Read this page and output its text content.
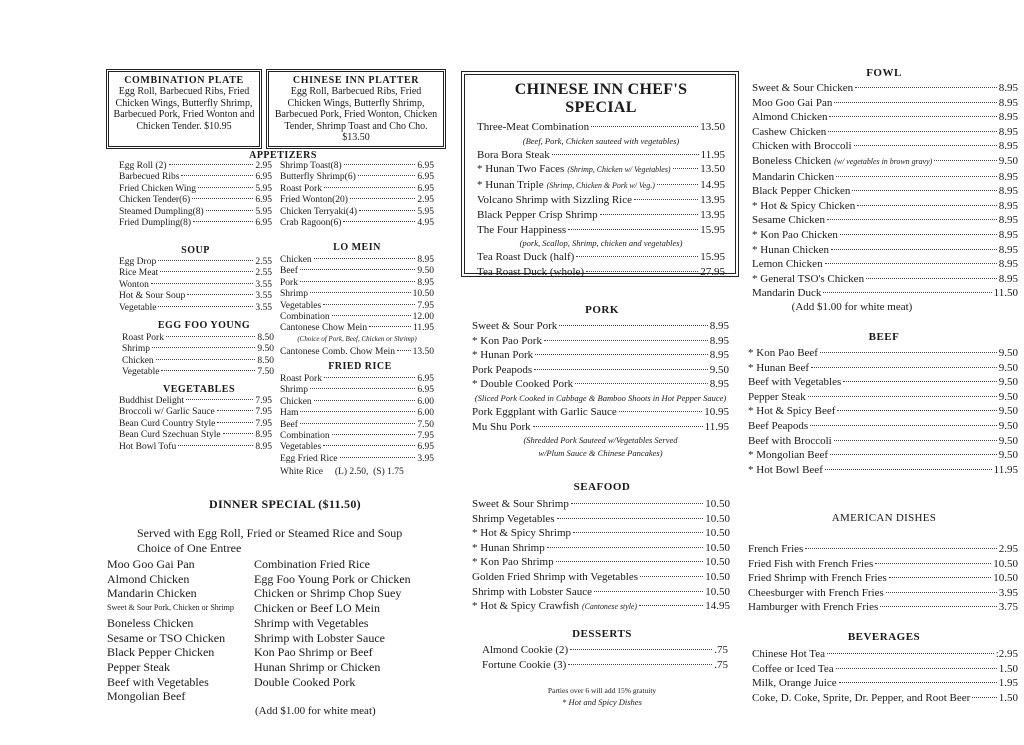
COMBINATION PLATE
Egg Roll, Barbecued Ribs, Fried Chicken Wings, Butterfly Shrimp, Barbecued Pork, Fried Wonton and Chicken Tender. $10.95
CHINESE INN PLATTER
Egg Roll, Barbecued Ribs, Fried Chicken Wings, Butterfly Shrimp, Barbecued Pork, Fried Wonton, Chicken Tender, Shrimp Toast and Cho Cho. $13.50
APPETIZERS
Egg Roll (2)	2.95
Barbecued Ribs	6.95
Fried Chicken Wing	5.95
Chicken Tender(6)	6.95
Steamed Dumpling(8)	5.95
Fried Dumpling(8)	6.95
Shrimp Toast(8)	6.95
Butterfly Shrimp(6)	6.95
Roast Pork	6.95
Fried Wonton(20)	2.95
Chicken Terryaki(4)	5.95
Crab Ragoon(6)	4.95
SOUP
Egg Drop	2.55
Rice Meat	2.55
Wonton	3.55
Hot & Sour Soup	3.55
Vegetable	3.55
EGG FOO YOUNG
Roast Pork	8.50
Shrimp	9.50
Chicken	8.50
Vegetable	7.50
VEGETABLES
Buddhist Delight	7.95
Broccoli w/ Garlic Sauce	7.95
Bean Curd Country Style	7.95
Bean Curd Szechuan Style	8.95
Hot Bowl Tofu	8.95
LO MEIN
Chicken	8.95
Beef	9.50
Pork	8.95
Shrimp	10.50
Vegetables	7.95
Combination	12.00
Cantonese Chow Mein	11.95
(Choice of Pork, Beef, Chicken or Shrimp)
Cantonese Comb. Chow Mein 13.50
FRIED RICE
Roast Pork	6.95
Shrimp	6.95
Chicken	6.00
Ham	6.00
Beef	7.50
Combination	7.95
Vegetables	6.95
Egg Fried Rice	3.95
White Rice     (L) 2.50,  (S) 1.75
DINNER SPECIAL ($11.50)
Served with Egg Roll, Fried or Steamed Rice and Soup
Choice of One Entree
Moo Goo Gai Pan
Almond Chicken
Mandarin Chicken
Sweet & Sour Pork, Chicken or Shrimp
Boneless Chicken
Sesame or TSO Chicken
Black Pepper Chicken
Pepper Steak
Beef with Vegetables
Mongolian Beef
Combination Fried Rice
Egg Foo Young Pork or Chicken
Chicken or Shrimp Chop Suey
Chicken or Beef LO Mein
Shrimp with Vegetables
Shrimp with Lobster Sauce
Kon Pao Shrimp or Beef
Hunan Shrimp or Chicken
Double Cooked Pork
(Add $1.00 for white meat)
CHINESE INN CHEF'S SPECIAL
Three-Meat Combination	13.50
(Beef, Pork, Chicken sauteed with vegetables)
Bora Bora Steak	11.95
* Hunan Two Faces (Shrimp, Chicken w/ Vegetables)	13.50
* Hunan Triple (Shrimp, Chicken & Pork w/ Veg.)	14.95
Volcano Shrimp with Sizzling Rice	13.95
Black Pepper Crisp Shrimp	13.95
The Four Happiness	15.95
(pork, Scallop, Shrimp, chicken and vegetables)
Tea Roast Duck (half)	15.95
Tea Roast Duck (whole)	27.95
PORK
Sweet & Sour Pork	8.95
* Kon Pao Pork	8.95
* Hunan Pork	8.95
Pork Peapods	9.50
* Double Cooked Pork	8.95
(Sliced Pork Cooked in Cabbage & Bamboo Shoots in Hot Pepper Sauce)
Pork Eggplant with Garlic Sauce	10.95
Mu Shu Pork	11.95
(Shredded Pork Sauteed w/Vegetables Served
w/Plum Sauce & Chinese Pancakes)
SEAFOOD
Sweet & Sour Shrimp	10.50
Shrimp Vegetables	10.50
* Hot & Spicy Shrimp	10.50
* Hunan Shrimp	10.50
* Kon Pao Shrimp	10.50
Golden Fried Shrimp with Vegetables	10.50
Shrimp with Lobster Sauce	10.50
* Hot & Spicy Crawfish (Cantonese style)	14.95
DESSERTS
Almond Cookie (2)	.75
Fortune Cookie (3)	.75
Parties over 6 will add 15% gratuity
* Hot and Spicy Dishes
FOWL
Sweet & Sour Chicken	8.95
Moo Goo Gai Pan	8.95
Almond Chicken	8.95
Cashew Chicken	8.95
Chicken with Broccoli	8.95
Boneless Chicken (w/ vegetables in brown gravy)	9.50
Mandarin Chicken	8.95
Black Pepper Chicken	8.95
* Hot & Spicy Chicken	8.95
Sesame Chicken	8.95
* Kon Pao Chicken	8.95
* Hunan Chicken	8.95
Lemon Chicken	8.95
* General TSO's Chicken	8.95
Mandarin Duck	11.50
(Add $1.00 for white meat)
BEEF
* Kon Pao Beef	9.50
* Hunan Beef	9.50
Beef with Vegetables	9.50
Pepper Steak	9.50
* Hot & Spicy Beef	9.50
Beef Peapods	9.50
Beef with Broccoli	9.50
* Mongolian Beef	9.50
* Hot Bowl Beef	11.95
AMERICAN DISHES
French Fries	2.95
Fried Fish with French Fries	10.50
Fried Shrimp with French Fries	10.50
Cheesburger with French Fries	3.95
Hamburger with French Fries	3.75
BEVERAGES
Chinese Hot Tea	:2.95
Coffee or Iced Tea	1.50
Milk, Orange Juice	1.95
Coke, D. Coke, Sprite, Dr. Pepper, and Root Beer	1.50
